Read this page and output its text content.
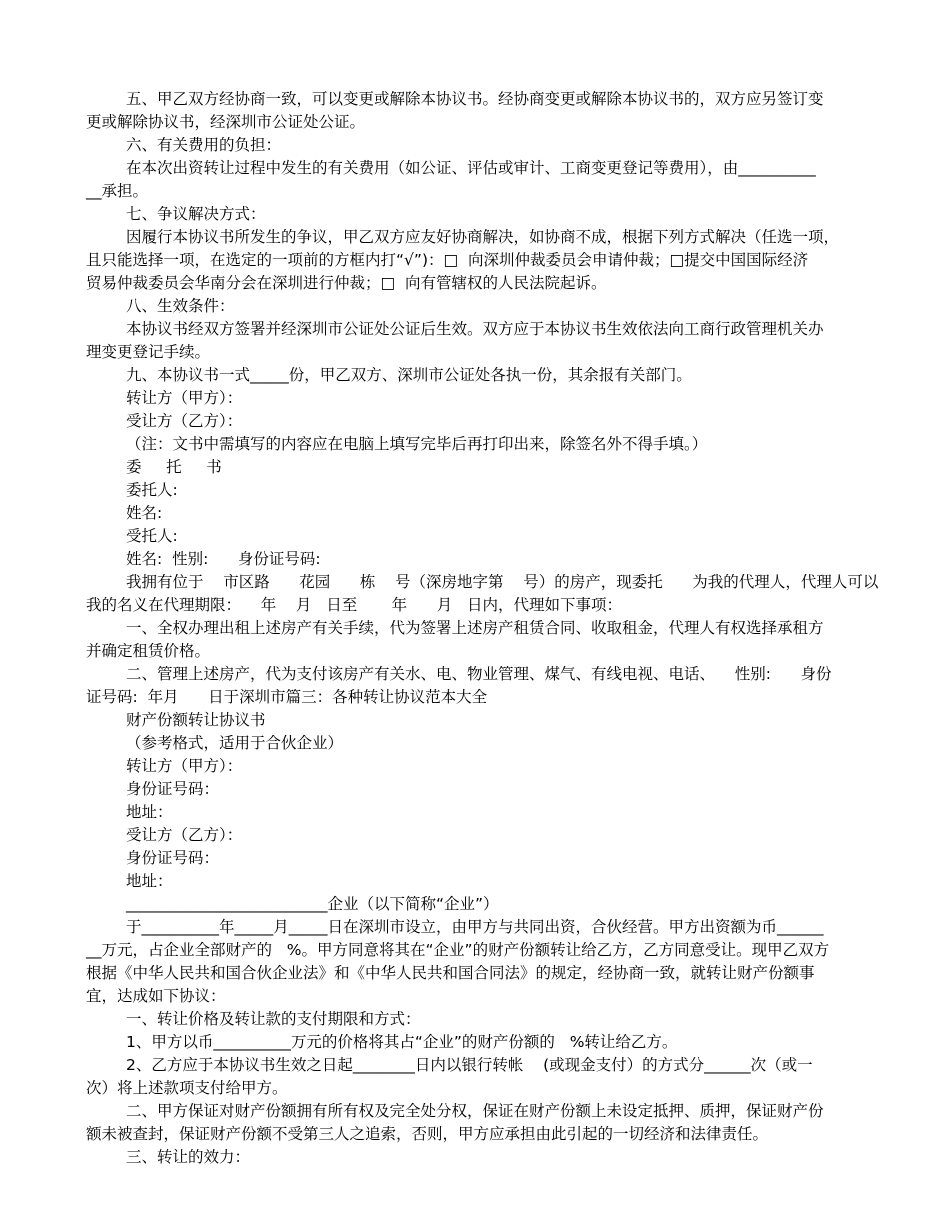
五、甲乙双方经协商一致，可以变更或解除本协议书。经协商变更或解除本协议书的，双方应另签订变
更或解除协议书，经深圳市公证处公证。
六、有关费用的负担：
在本次出资转让过程中发生的有关费用（如公证、评估或审计、工商变更登记等费用），由__________
__承担。
七、争议解决方式：
因履行本协议书所发生的争议，甲乙双方应友好协商解决，如协商不成，根据下列方式解决（任选一项，
且只能选择一项，在选定的一项前的方框内打“√”)：□  向深圳仲裁委员会申请仲裁；□提交中国国际经济
贸易仲裁委员会华南分会在深圳进行仲裁；□  向有管辖权的人民法院起诉。
八、生效条件：
本协议书经双方签署并经深圳市公证处公证后生效。双方应于本协议书生效依法向工商行政管理机关办
理变更登记手续。
九、本协议书一式_____份，甲乙双方、深圳市公证处各执一份，其余报有关部门。
转让方（甲方）：
受让方（乙方）：
（注：文书中需填写的内容应在电脑上填写完毕后再打印出来，除签名外不得手填。）
委     托     书
委托人:
姓名:
受托人:
姓名:  性别:      身份证号码:
我拥有位于    市区路      花园      栋    号（深房地字第    号）的房产，现委托      为我的代理人，代理人可以
我的名义在代理期限：    年    月   日至       年      月   日内，代理如下事项：
一、全权办理出租上述房产有关手续，代为签署上述房产租赁合同、收取租金，代理人有权选择承租方
并确定租赁价格。
二、管理上述房产，代为支付该房产有关水、电、物业管理、煤气、有线电视、电话、    性别:      身份
证号码:  年月      日于深圳市篇三：各种转让协议范本大全
财产份额转让协议书
（参考格式，适用于合伙企业）
转让方（甲方）：
身份证号码：
地址：
受让方（乙方）：
身份证号码：
地址：
__________________________企业（以下简称“企业”）
于__________年_____月_____日在深圳市设立，由甲方与共同出资，合伙经营。甲方出资额为币______
__万元，占企业全部财产的   %。甲方同意将其在“企业”的财产份额转让给乙方，乙方同意受让。现甲乙双方
根据《中华人民共和国合伙企业法》和《中华人民共和国合同法》的规定，经协商一致，就转让财产份额事
宜，达成如下协议：
一、转让价格及转让款的支付期限和方式：
1、甲方以币__________万元的价格将其占“企业”的财产份额的   %转让给乙方。
2、乙方应于本协议书生效之日起________日内以银行转帐    (或现金支付）的方式分______次（或一
次）将上述款项支付给甲方。
二、甲方保证对财产份额拥有所有权及完全处分权，保证在财产份额上未设定抵押、质押，保证财产份
额未被查封，保证财产份额不受第三人之追索，否则，甲方应承担由此引起的一切经济和法律责任。
三、转让的效力：
